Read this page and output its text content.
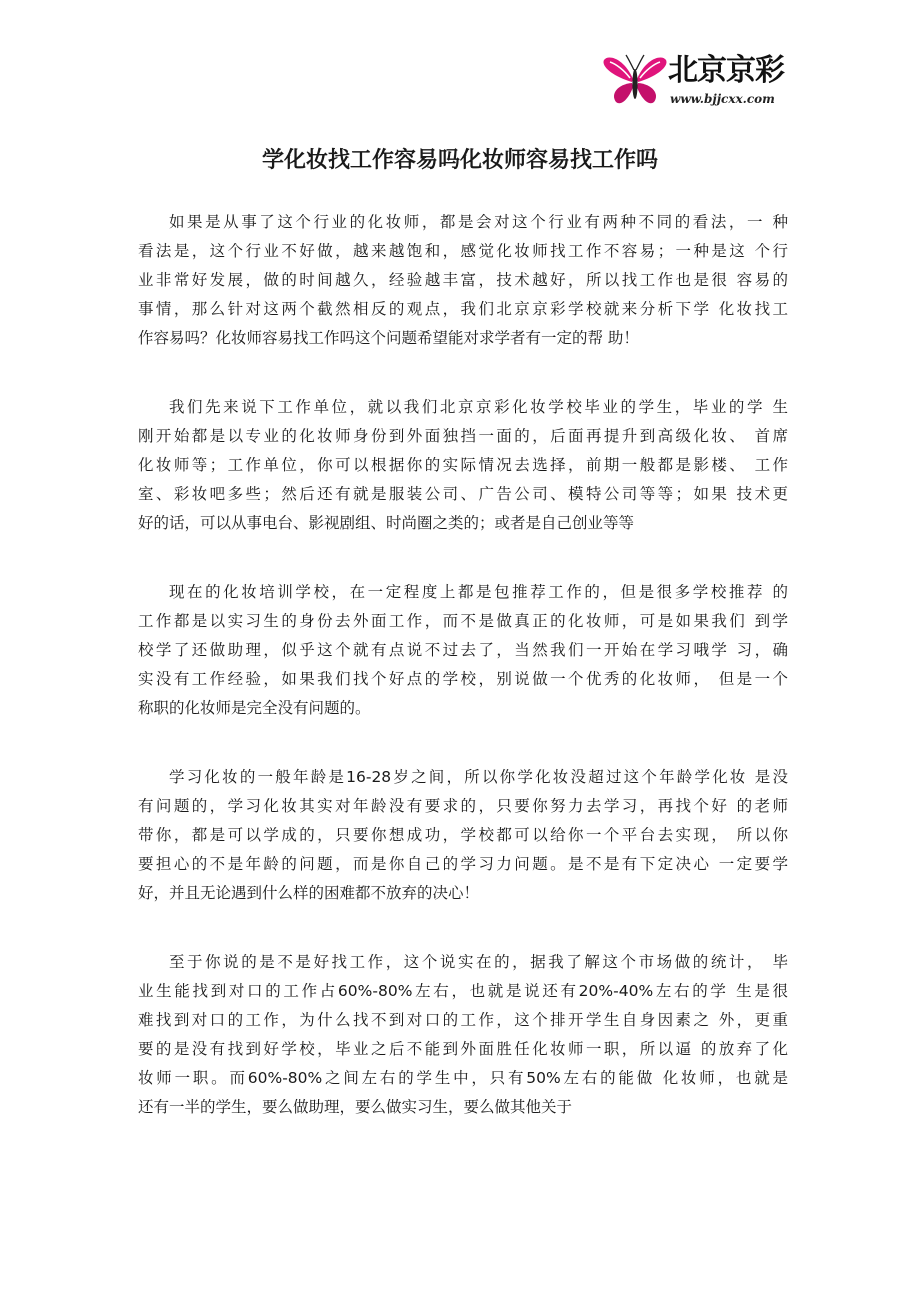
北京京彩
www.bjjcxx.com
学化妆找工作容易吗化妆师容易找工作吗
如果是从事了这个行业的化妆师，都是会对这个行业有两种不同的看法，一 种
看法是，这个行业不好做，越来越饱和，感觉化妆师找工作不容易；一种是这 个行
业非常好发展，做的时间越久，经验越丰富，技术越好，所以找工作也是很 容易的
事情，那么针对这两个截然相反的观点，我们北京京彩学校就来分析下学 化妆找工
作容易吗？化妆师容易找工作吗这个问题希望能对求学者有一定的帮 助！
我们先来说下工作单位，就以我们北京京彩化妆学校毕业的学生，毕业的学 生
刚开始都是以专业的化妆师身份到外面独挡一面的，后面再提升到高级化妆、 首席
化妆师等；工作单位，你可以根据你的实际情况去选择，前期一般都是影楼、 工作
室、彩妆吧多些；然后还有就是服装公司、广告公司、模特公司等等；如果 技术更
好的话，可以从事电台、影视剧组、时尚圈之类的；或者是自己创业等等
现在的化妆培训学校，在一定程度上都是包推荐工作的，但是很多学校推荐 的
工作都是以实习生的身份去外面工作，而不是做真正的化妆师，可是如果我们 到学
校学了还做助理，似乎这个就有点说不过去了，当然我们一开始在学习哦学 习，确
实没有工作经验，如果我们找个好点的学校，别说做一个优秀的化妆师， 但是一个
称职的化妆师是完全没有问题的。
学习化妆的一般年龄是16-28岁之间，所以你学化妆没超过这个年龄学化妆 是没
有问题的，学习化妆其实对年龄没有要求的，只要你努力去学习，再找个好 的老师
带你，都是可以学成的，只要你想成功，学校都可以给你一个平台去实现， 所以你
要担心的不是年龄的问题，而是你自己的学习力问题。是不是有下定决心 一定要学
好，并且无论遇到什么样的困难都不放弃的决心！
至于你说的是不是好找工作，这个说实在的，据我了解这个市场做的统计， 毕
业生能找到对口的工作占60%-80%左右，也就是说还有20%-40%左右的学 生是很
难找到对口的工作，为什么找不到对口的工作，这个排开学生自身因素之 外，更重
要的是没有找到好学校，毕业之后不能到外面胜任化妆师一职，所以逼 的放弃了化
妆师一职。而60%-80%之间左右的学生中，只有50%左右的能做 化妆师，也就是
还有一半的学生，要么做助理，要么做实习生，要么做其他关于
